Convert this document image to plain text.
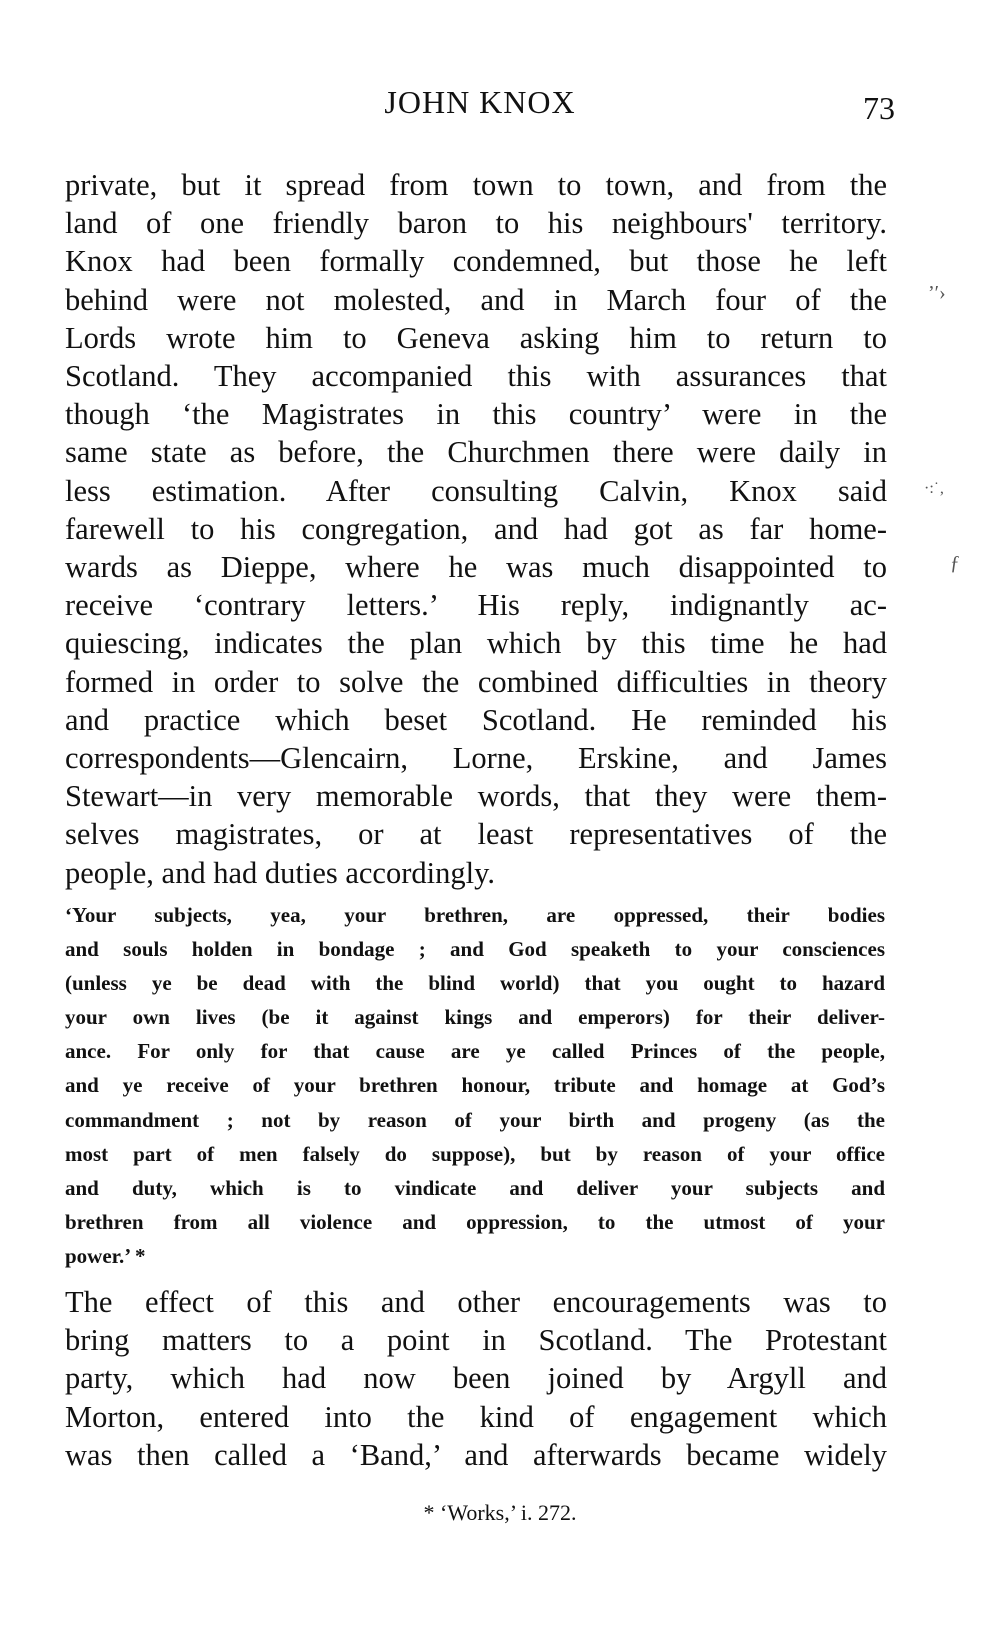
JOHN KNOX	73
private, but it spread from town to town, and from the
land of one friendly baron to his neighbours' territory.
Knox had been formally condemned, but those he left
behind were not molested, and in March four of the
Lords wrote him to Geneva asking him to return to
Scotland. They accompanied this with assurances that
though ‘the Magistrates in this country’ were in the
same state as before, the Churchmen there were daily in
less estimation. After consulting Calvin, Knox said
farewell to his congregation, and had got as far home-
wards as Dieppe, where he was much disappointed to
receive ‘contrary letters.’ His reply, indignantly ac-
quiescing, indicates the plan which by this time he had
formed in order to solve the combined difficulties in theory
and practice which beset Scotland. He reminded his
correspondents—Glencairn, Lorne, Erskine, and James
Stewart—in very memorable words, that they were them-
selves magistrates, or at least representatives of the
people, and had duties accordingly.
‘Your subjects, yea, your brethren, are oppressed, their bodies
and souls holden in bondage ; and God speaketh to your consciences
(unless ye be dead with the blind world) that you ought to hazard
your own lives (be it against kings and emperors) for their deliver-
ance. For only for that cause are ye called Princes of the people,
and ye receive of your brethren honour, tribute and homage at God’s
commandment ; not by reason of your birth and progeny (as the
most part of men falsely do suppose), but by reason of your office
and duty, which is to vindicate and deliver your subjects and
brethren from all violence and oppression, to the utmost of your
power.’ *
The effect of this and other encouragements was to
bring matters to a point in Scotland. The Protestant
party, which had now been joined by Argyll and
Morton, entered into the kind of engagement which
was then called a ‘Band,’ and afterwards became widely
* ‘Works,’ i. 272.
’′›
·:˙‚
ƒ
